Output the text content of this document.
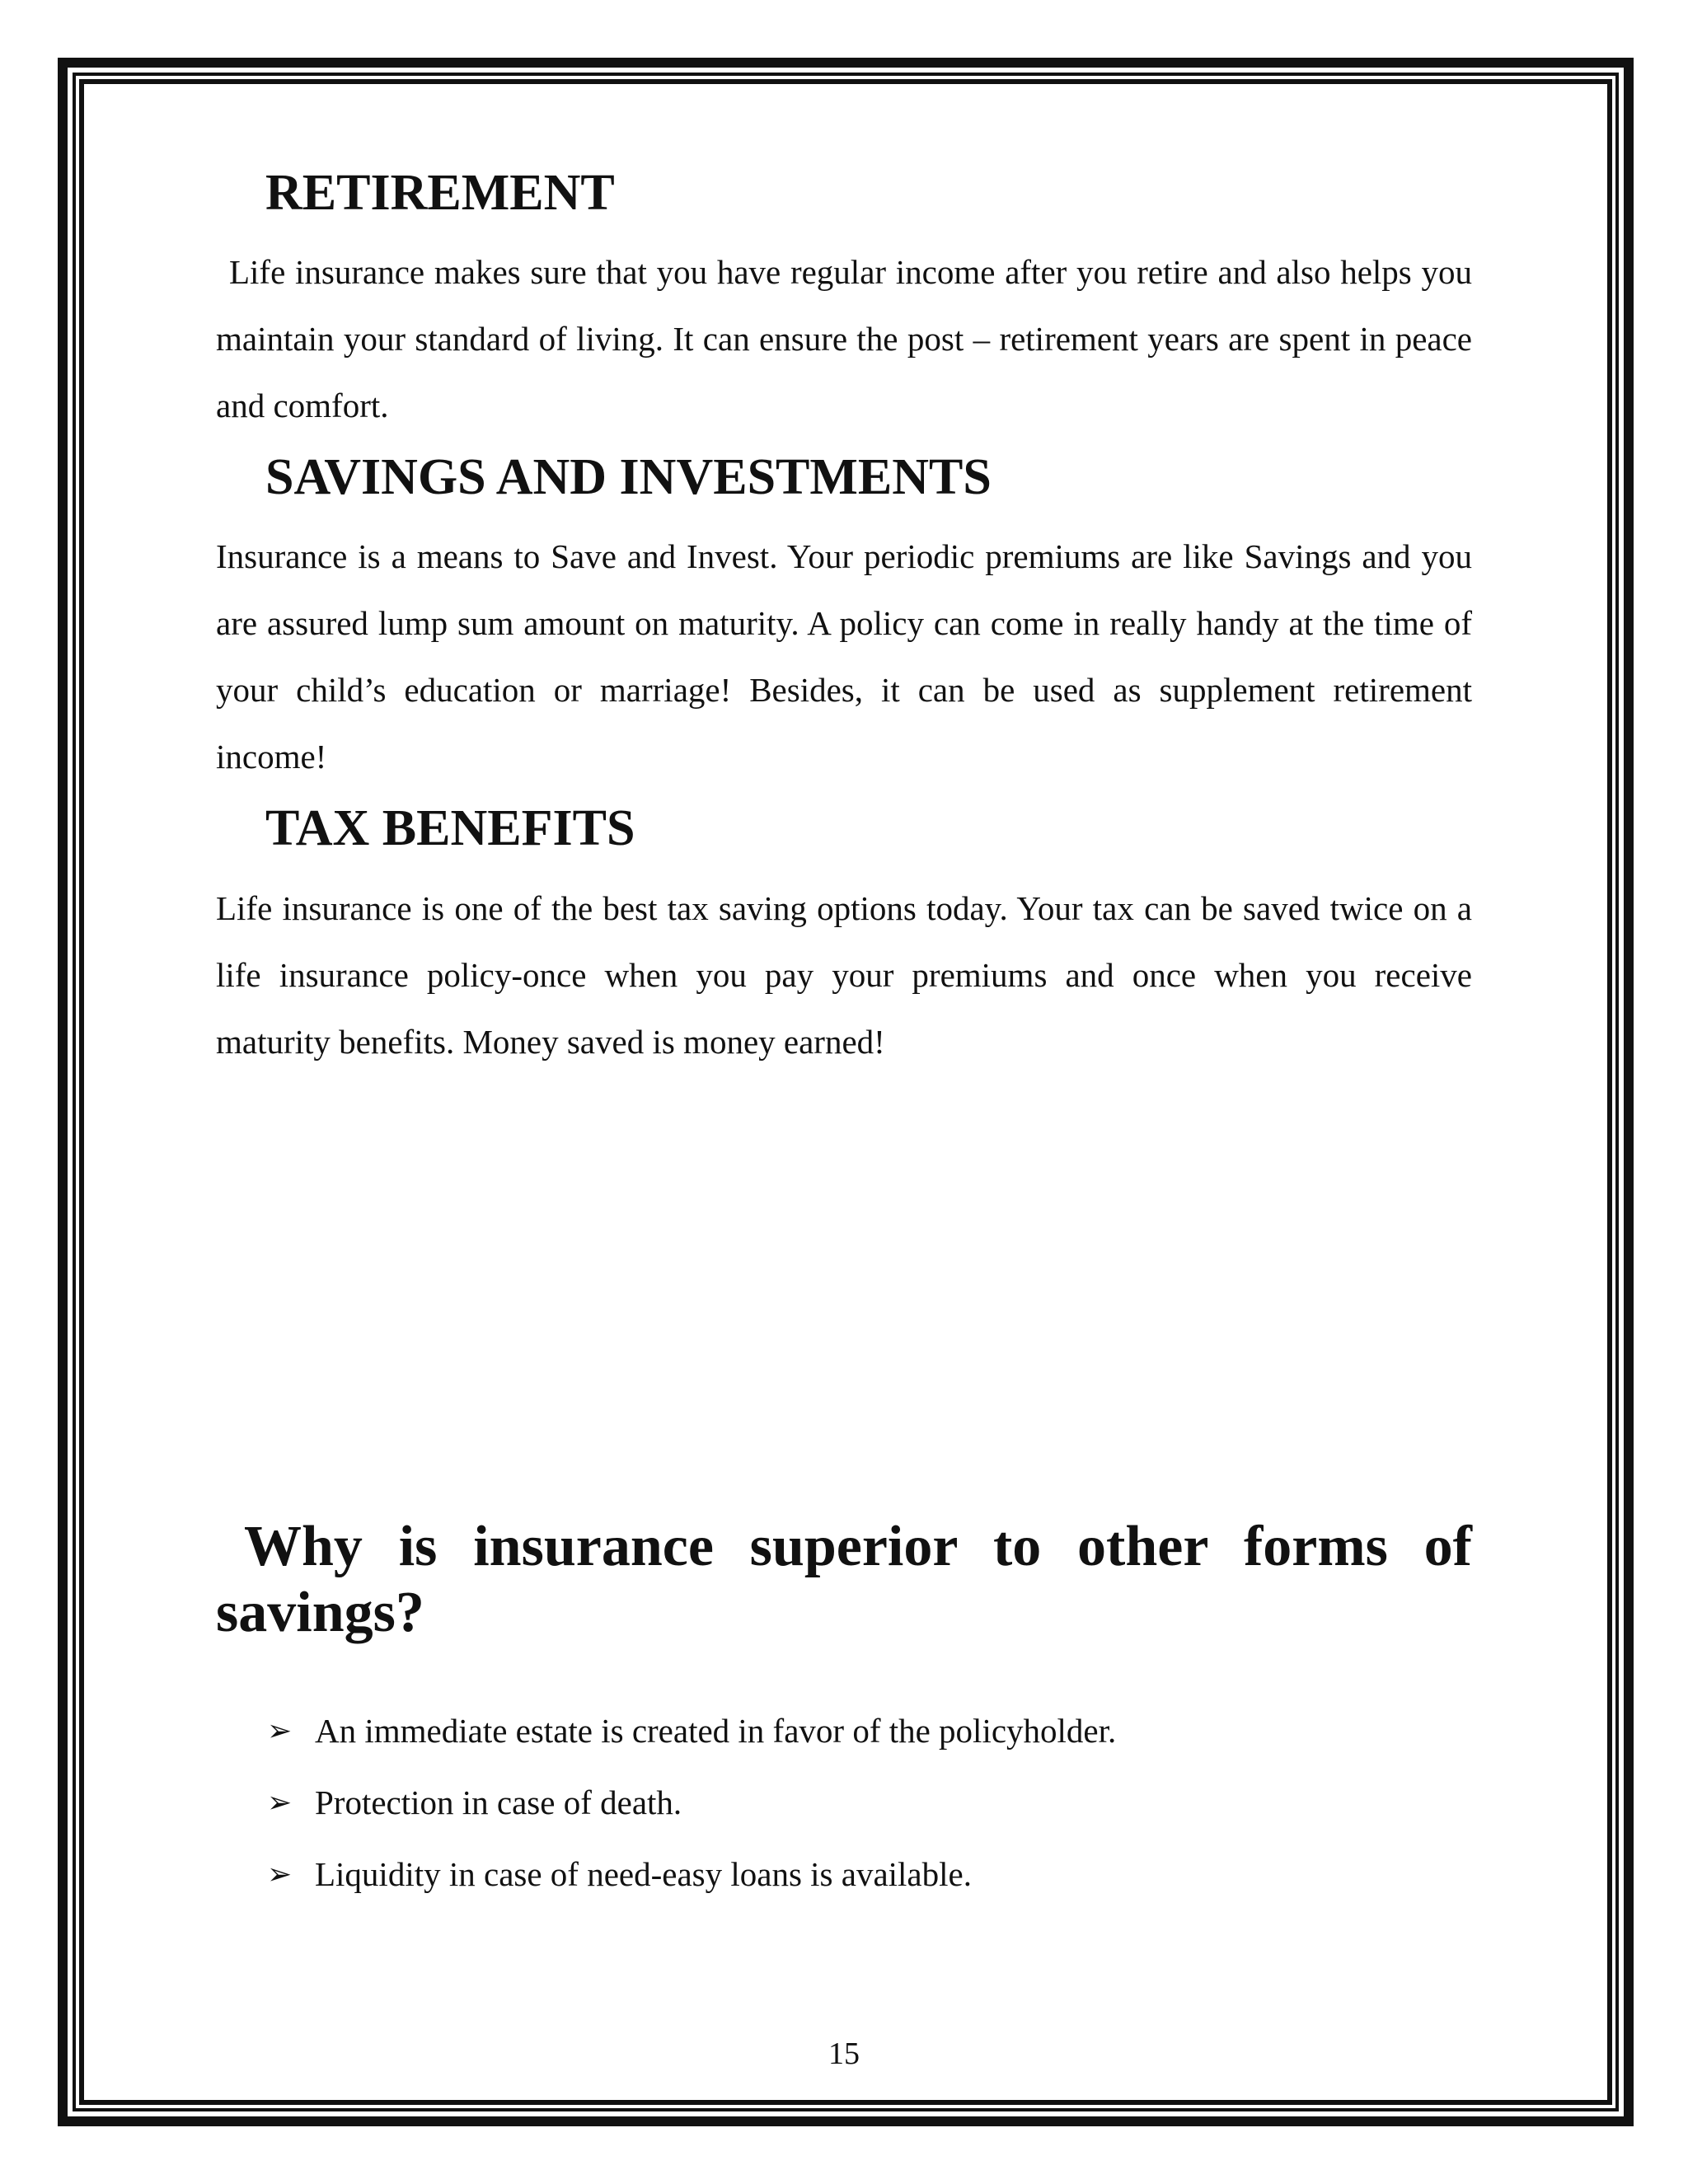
RETIREMENT

Life insurance makes sure that you have regular income after you retire and also helps you maintain your standard of living. It can ensure the post – retirement years are spent in peace and comfort.

SAVINGS AND INVESTMENTS

Insurance is a means to Save and Invest. Your periodic premiums are like Savings and you are assured lump sum amount on maturity. A policy can come in really handy at the time of your child’s education or marriage! Besides, it can be used as supplement retirement income!

TAX BENEFITS

Life insurance is one of the best tax saving options today. Your tax can be saved twice on a life insurance policy-once when you pay your premiums and once when you receive maturity benefits. Money saved is money earned!

Why is insurance superior to other forms of savings?
➢ An immediate estate is created in favor of the policyholder.
➢ Protection in case of death.
➢ Liquidity in case of need-easy loans is available.
15
